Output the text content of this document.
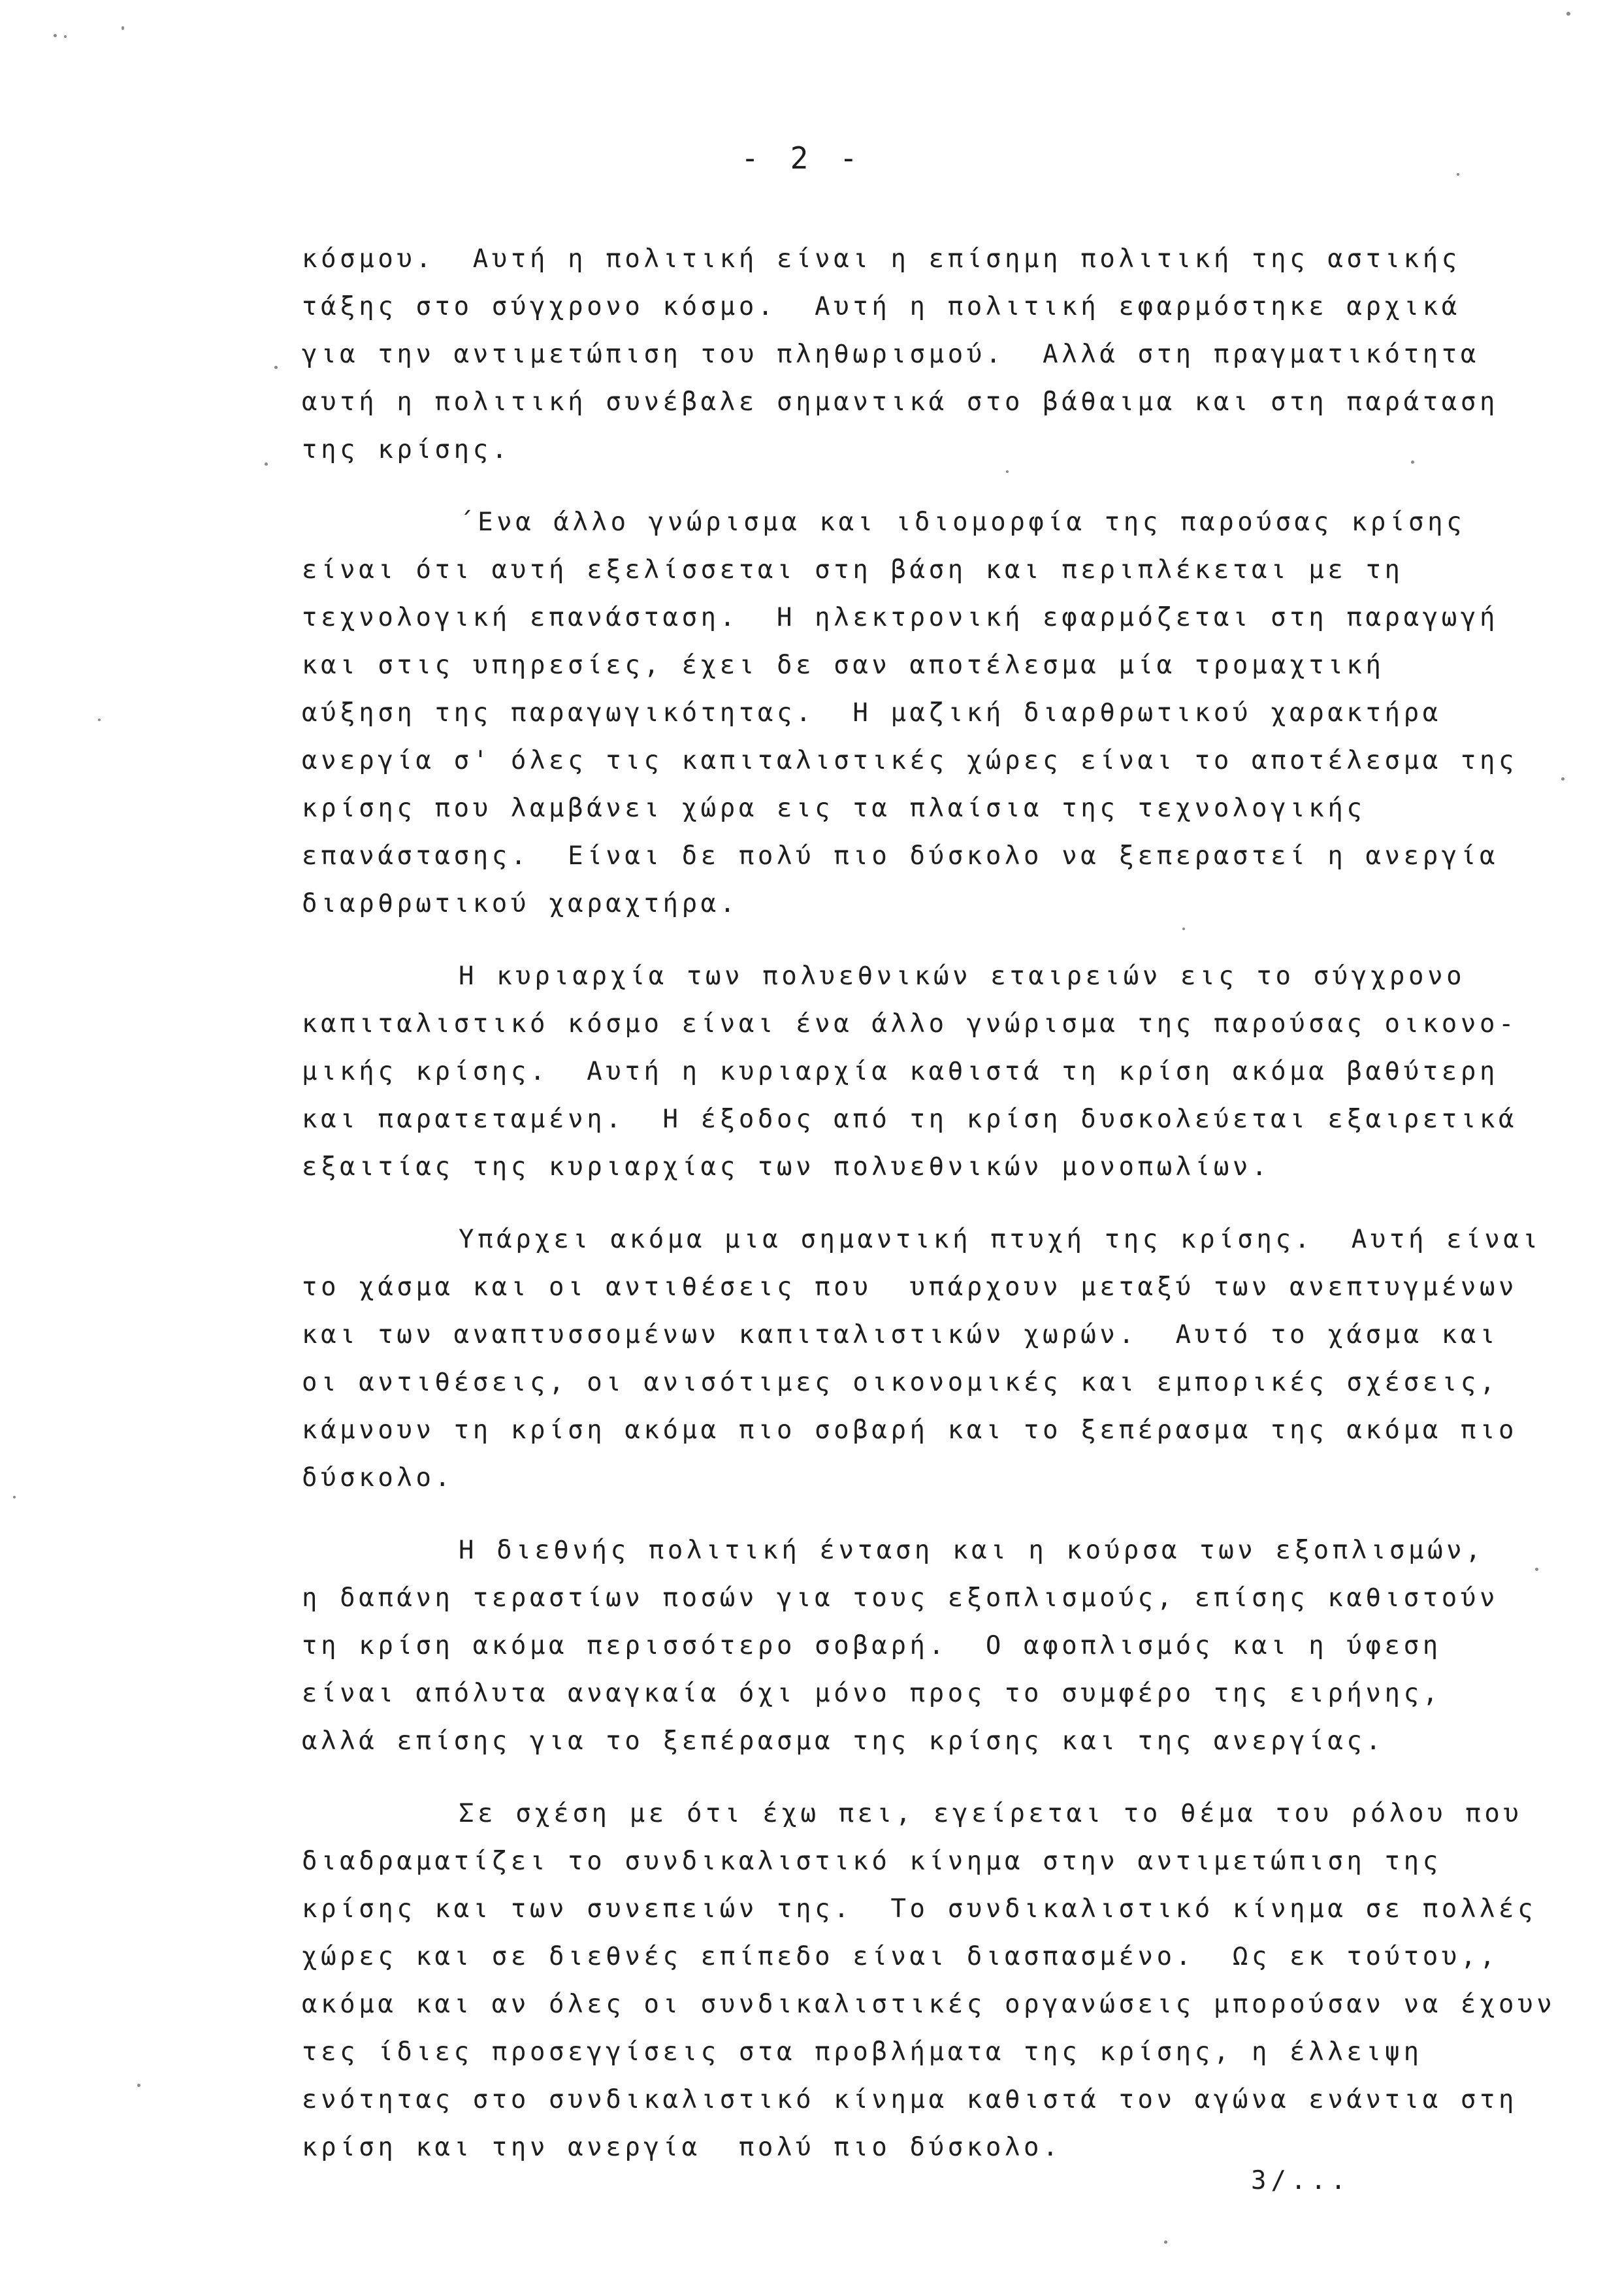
- 2 -
κόσμου.  Αυτή η πολιτική είναι η επίσημη πολιτική της αστικής
τάξης στο σύγχρονο κόσμο.  Αυτή η πολιτική εφαρμόστηκε αρχικά
για την αντιμετώπιση του πληθωρισμού.  Αλλά στη πραγματικότητα
αυτή η πολιτική συνέβαλε σημαντικά στο βάθαιμα και στη παράταση
της κρίσης.
΄Ενα άλλο γνώρισμα και ιδιομορφία της παρούσας κρίσης
είναι ότι αυτή εξελίσσεται στη βάση και περιπλέκεται με τη
τεχνολογική επανάσταση.  Η ηλεκτρονική εφαρμόζεται στη παραγωγή
και στις υπηρεσίες, έχει δε σαν αποτέλεσμα μία τρομαχτική
αύξηση της παραγωγικότητας.  Η μαζική διαρθρωτικού χαρακτήρα
ανεργία σ' όλες τις καπιταλιστικές χώρες είναι το αποτέλεσμα της
κρίσης που λαμβάνει χώρα εις τα πλαίσια της τεχνολογικής
επανάστασης.  Είναι δε πολύ πιο δύσκολο να ξεπεραστεί η ανεργία
διαρθρωτικού χαραχτήρα.
Η κυριαρχία των πολυεθνικών εταιρειών εις το σύγχρονο
καπιταλιστικό κόσμο είναι ένα άλλο γνώρισμα της παρούσας οικονο-
μικής κρίσης.  Αυτή η κυριαρχία καθιστά τη κρίση ακόμα βαθύτερη
και παρατεταμένη.  Η έξοδος από τη κρίση δυσκολεύεται εξαιρετικά
εξαιτίας της κυριαρχίας των πολυεθνικών μονοπωλίων.
Υπάρχει ακόμα μια σημαντική πτυχή της κρίσης.  Αυτή είναι
το χάσμα και οι αντιθέσεις που  υπάρχουν μεταξύ των ανεπτυγμένων
και των αναπτυσσομένων καπιταλιστικών χωρών.  Αυτό το χάσμα και
οι αντιθέσεις, οι ανισότιμες οικονομικές και εμπορικές σχέσεις,
κάμνουν τη κρίση ακόμα πιο σοβαρή και το ξεπέρασμα της ακόμα πιο
δύσκολο.
Η διεθνής πολιτική ένταση και η κούρσα των εξοπλισμών,
η δαπάνη τεραστίων ποσών για τους εξοπλισμούς, επίσης καθιστούν
τη κρίση ακόμα περισσότερο σοβαρή.  Ο αφοπλισμός και η ύφεση
είναι απόλυτα αναγκαία όχι μόνο προς το συμφέρο της ειρήνης,
αλλά επίσης για το ξεπέρασμα της κρίσης και της ανεργίας.
Σε σχέση με ότι έχω πει, εγείρεται το θέμα του ρόλου που
διαδραματίζει το συνδικαλιστικό κίνημα στην αντιμετώπιση της
κρίσης και των συνεπειών της.  Το συνδικαλιστικό κίνημα σε πολλές
χώρες και σε διεθνές επίπεδο είναι διασπασμένο.  Ως εκ τούτου,,
ακόμα και αν όλες οι συνδικαλιστικές οργανώσεις μπορούσαν να έχουν
τες ίδιες προσεγγίσεις στα προβλήματα της κρίσης, η έλλειψη
ενότητας στο συνδικαλιστικό κίνημα καθιστά τον αγώνα ενάντια στη
κρίση και την ανεργία  πολύ πιο δύσκολο.
3/...
